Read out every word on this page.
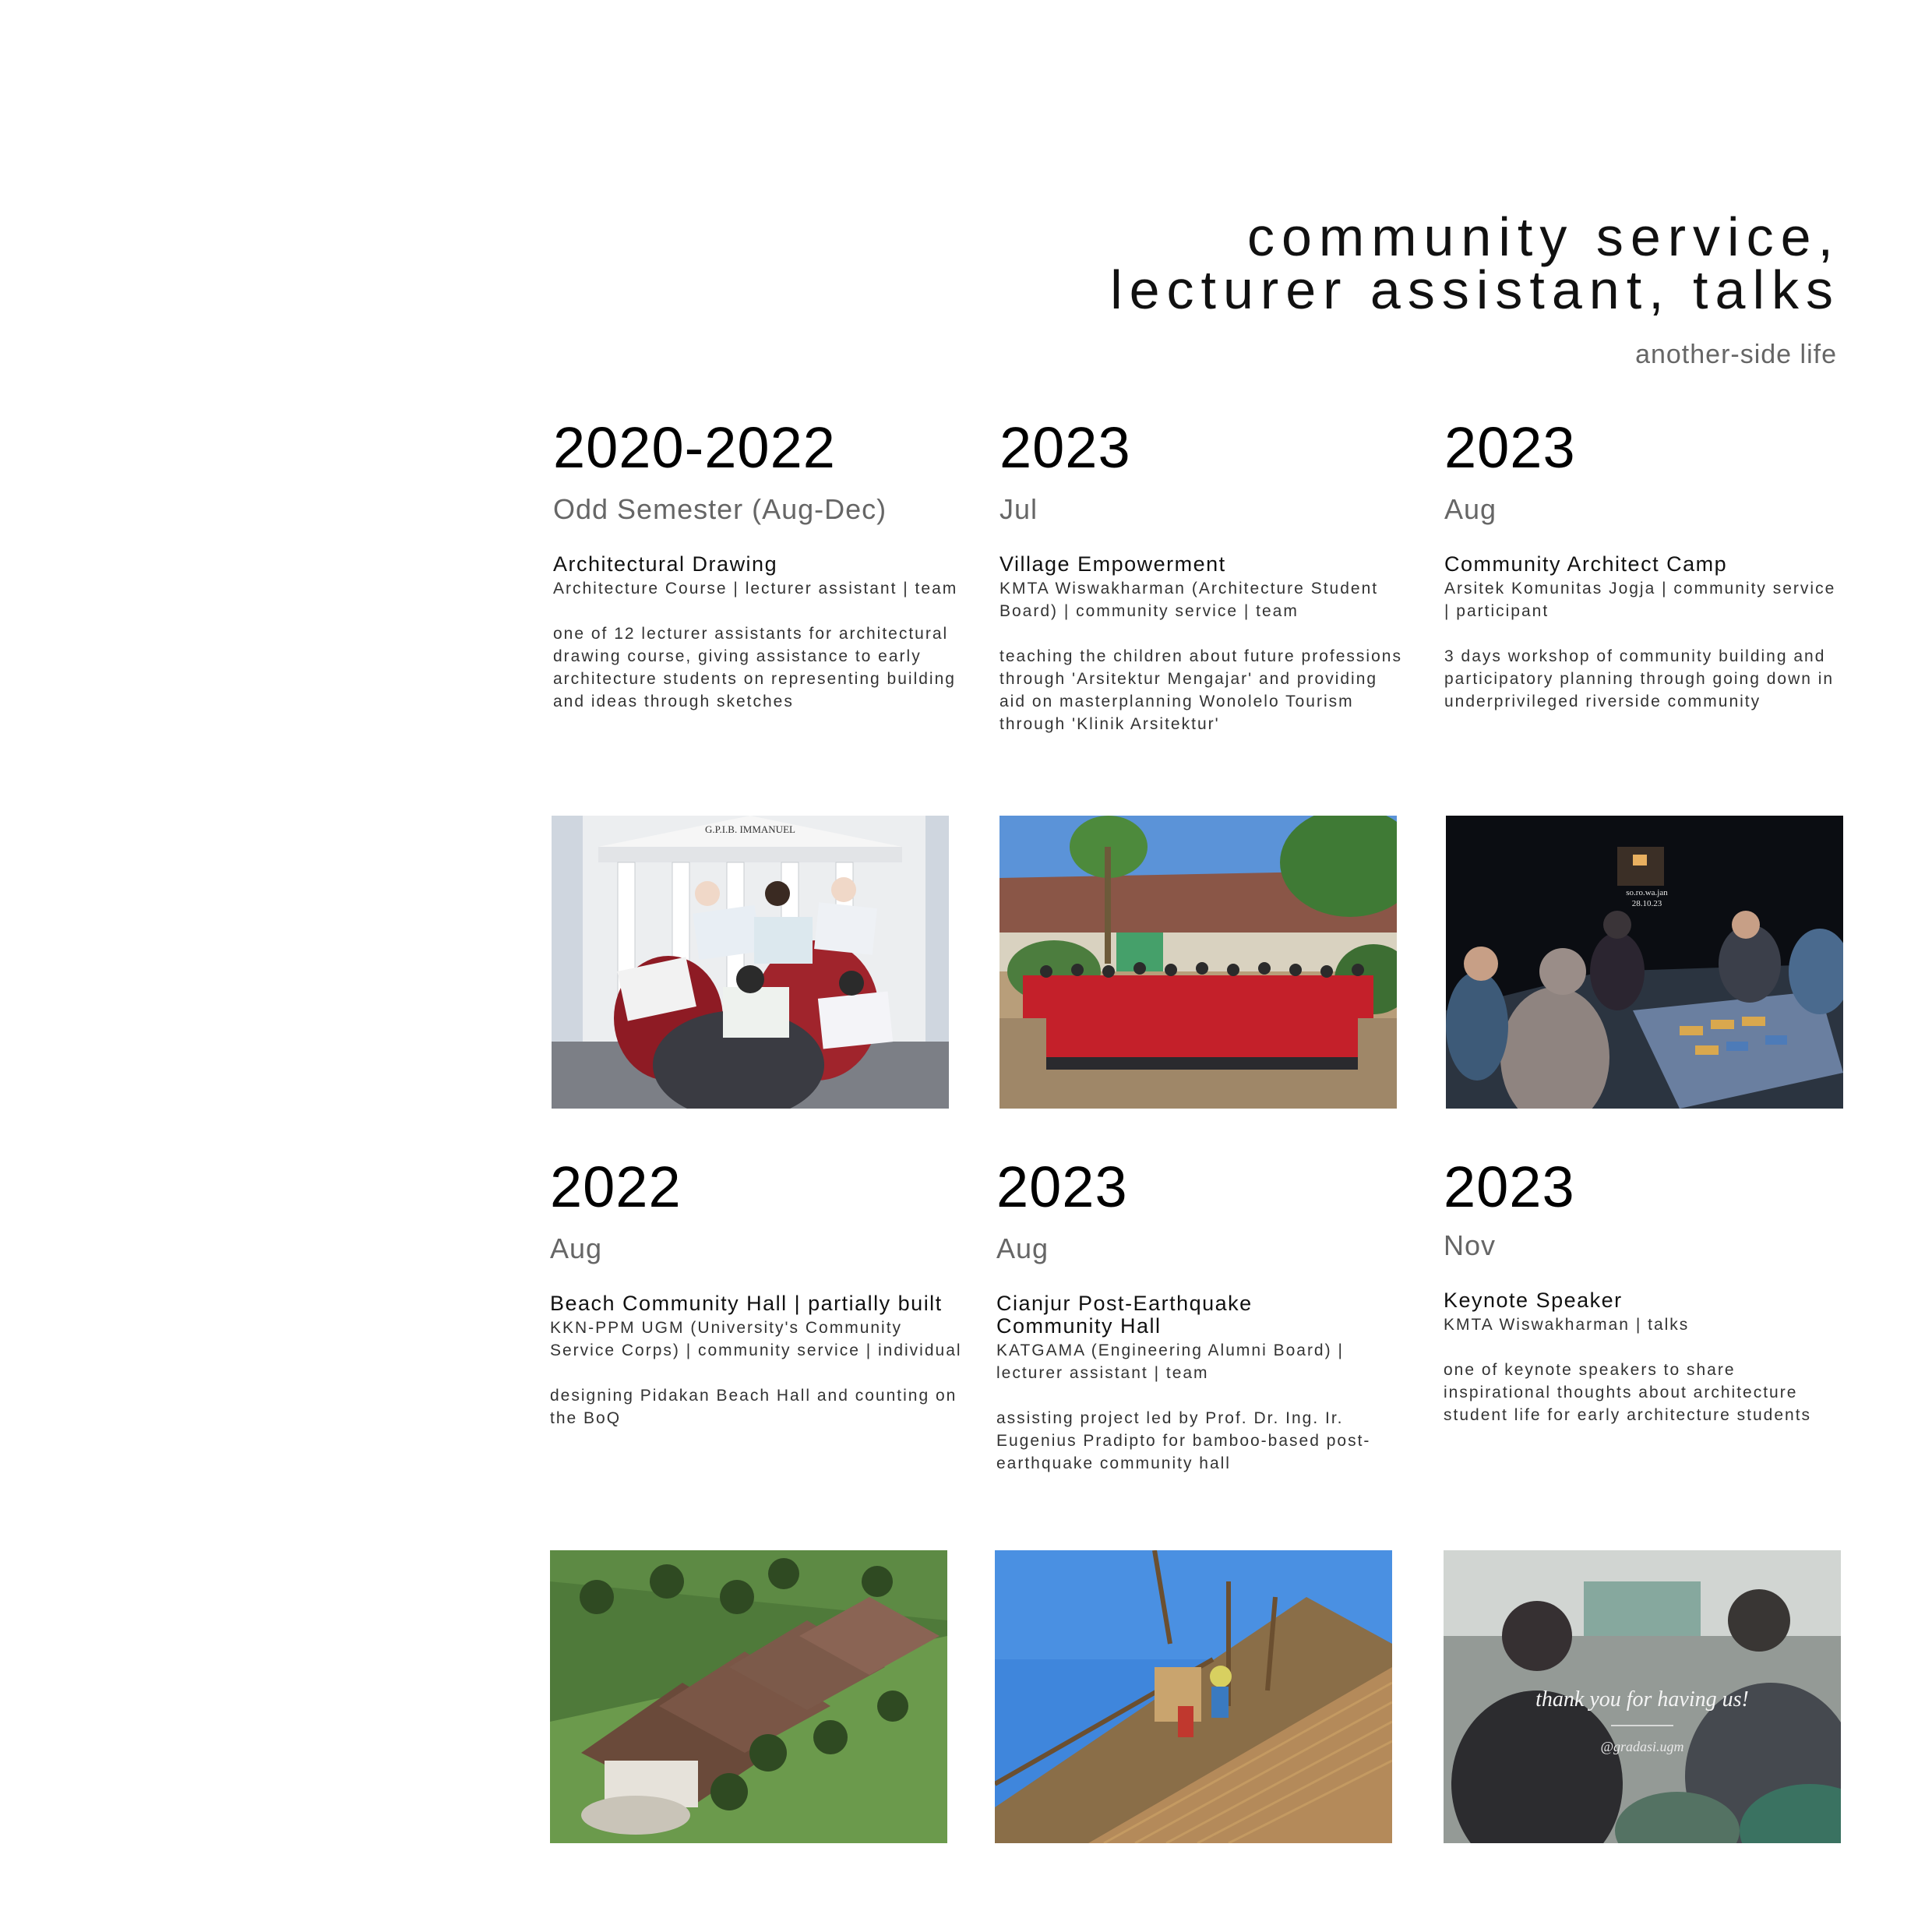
community service,
lecturer assistant, talks
another-side life
2020-2022
Odd Semester (Aug-Dec)
Architectural Drawing
Architecture Course | lecturer assistant | team
one of 12 lecturer assistants for architectural drawing course, giving assistance to early architecture students on representing building and ideas through sketches
2023
Jul
Village Empowerment
KMTA Wiswakharman (Architecture Student Board) | community service | team
teaching the children about future professions through 'Arsitektur Mengajar' and providing aid on masterplanning Wonolelo Tourism through 'Klinik Arsitektur'
2023
Aug
Community Architect Camp
Arsitek Komunitas Jogja | community service | participant
3 days workshop of community building and participatory planning through going down in underprivileged riverside community
G.P.I.B. IMMANUEL
so.ro.wa.jan
28.10.23
2022
Aug
Beach Community Hall | partially built
KKN-PPM UGM (University's Community Service Corps) | community service | individual
designing Pidakan Beach Hall and counting on the BoQ
2023
Aug
Cianjur Post-Earthquake Community Hall
KATGAMA (Engineering Alumni Board) | lecturer assistant | team
assisting project led by Prof. Dr. Ing. Ir. Eugenius Pradipto for bamboo-based post-earthquake community hall
2023
Nov
Keynote Speaker
KMTA Wiswakharman | talks
one of keynote speakers to share inspirational thoughts about architecture student life for early architecture students
thank you for having us!
@gradasi.ugm
